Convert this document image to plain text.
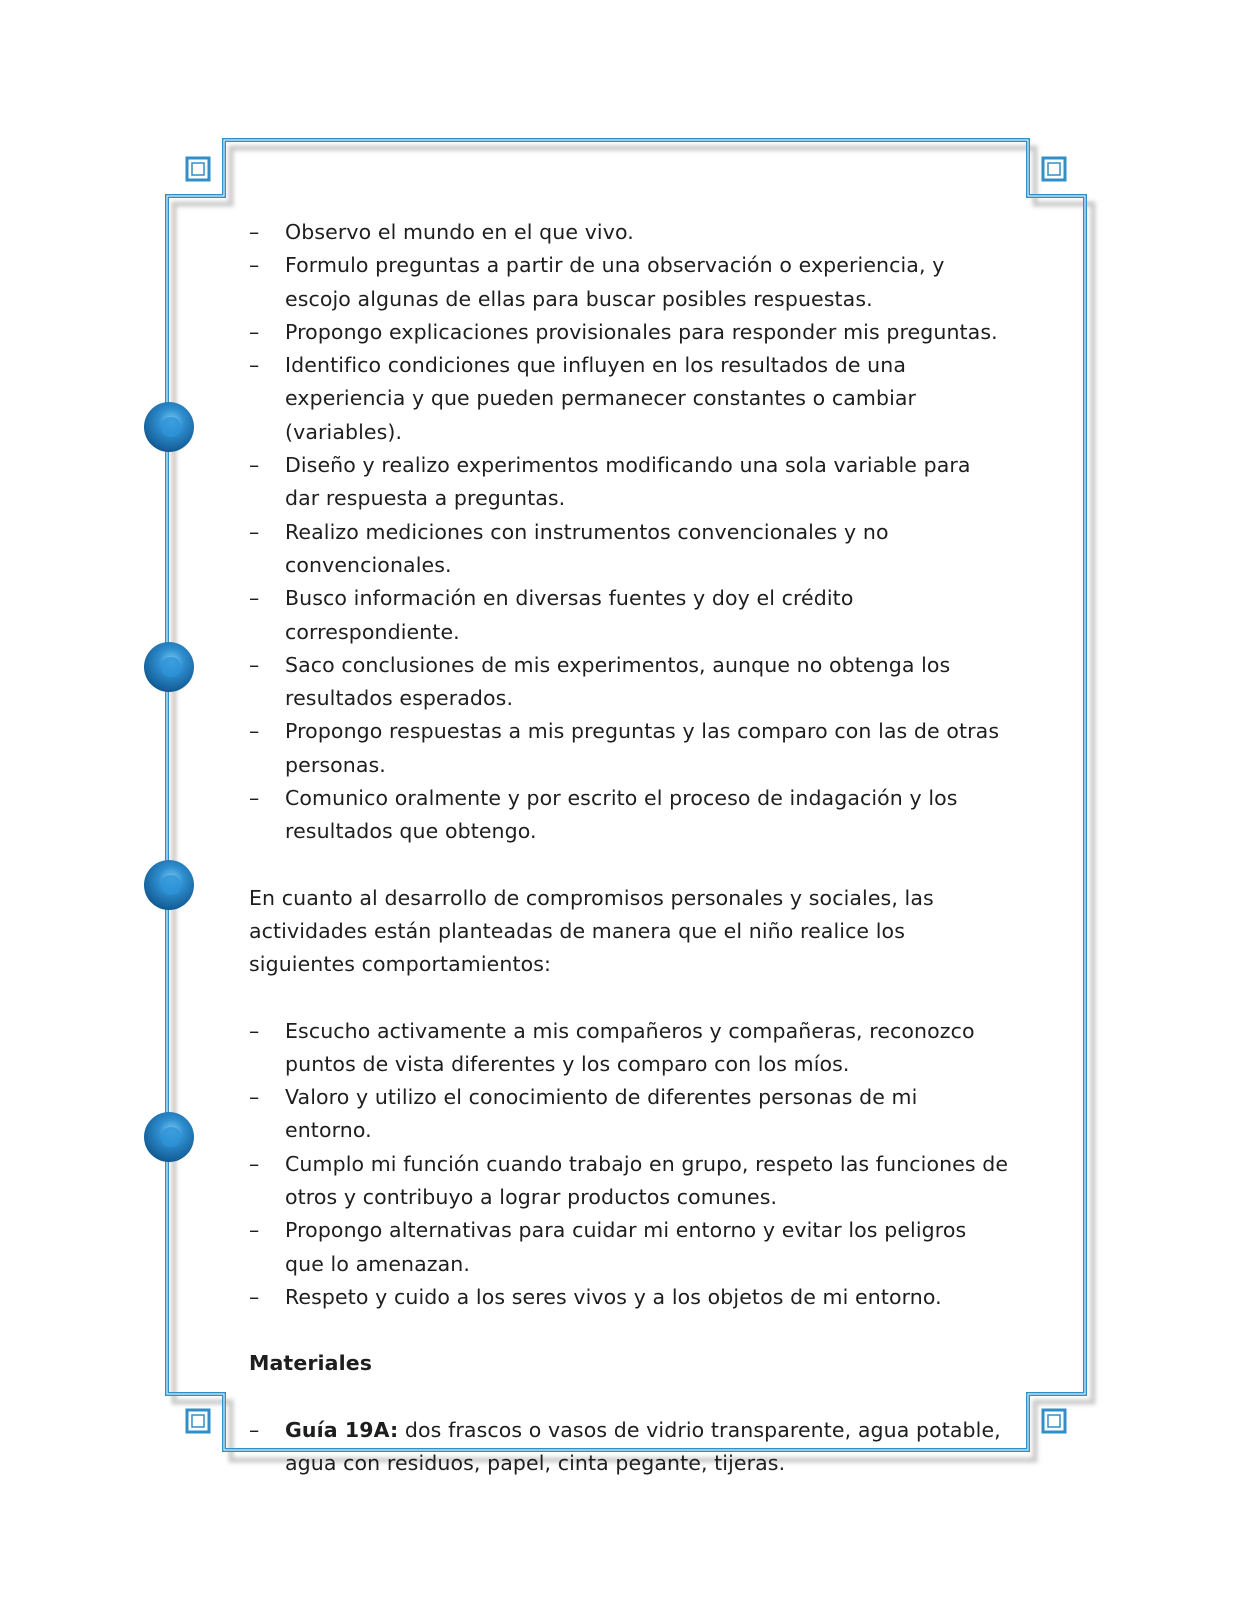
–	Observo el mundo en el que vivo.
–	Formulo preguntas a partir de una observación o experiencia, y escojo algunas de ellas para buscar posibles respuestas.
–	Propongo explicaciones provisionales para responder mis preguntas.
–	Identifico condiciones que influyen en los resultados de una experiencia y que pueden permanecer constantes o cambiar (variables).
–	Diseño y realizo experimentos modificando una sola variable para dar respuesta a preguntas.
–	Realizo mediciones con instrumentos convencionales y no convencionales.
–	Busco información en diversas fuentes y doy el crédito correspondiente.
–	Saco conclusiones de mis experimentos, aunque no obtenga los resultados esperados.
–	Propongo respuestas a mis preguntas y las comparo con las de otras personas.
–	Comunico oralmente y por escrito el proceso de indagación y los resultados que obtengo.

En cuanto al desarrollo de compromisos personales y sociales, las actividades están planteadas de manera que el niño realice los siguientes comportamientos:

–	Escucho activamente a mis compañeros y compañeras, reconozco puntos de vista diferentes y los comparo con los míos.
–	Valoro y utilizo el conocimiento de diferentes personas de mi entorno.
–	Cumplo mi función cuando trabajo en grupo, respeto las funciones de otros y contribuyo a lograr productos comunes.
–	Propongo alternativas para cuidar mi entorno y evitar los peligros que lo amenazan.
–	Respeto y cuido a los seres vivos y a los objetos de mi entorno.
Materiales
–	Guía 19A: dos frascos o vasos de vidrio transparente, agua potable, agua con residuos, papel, cinta pegante, tijeras.
